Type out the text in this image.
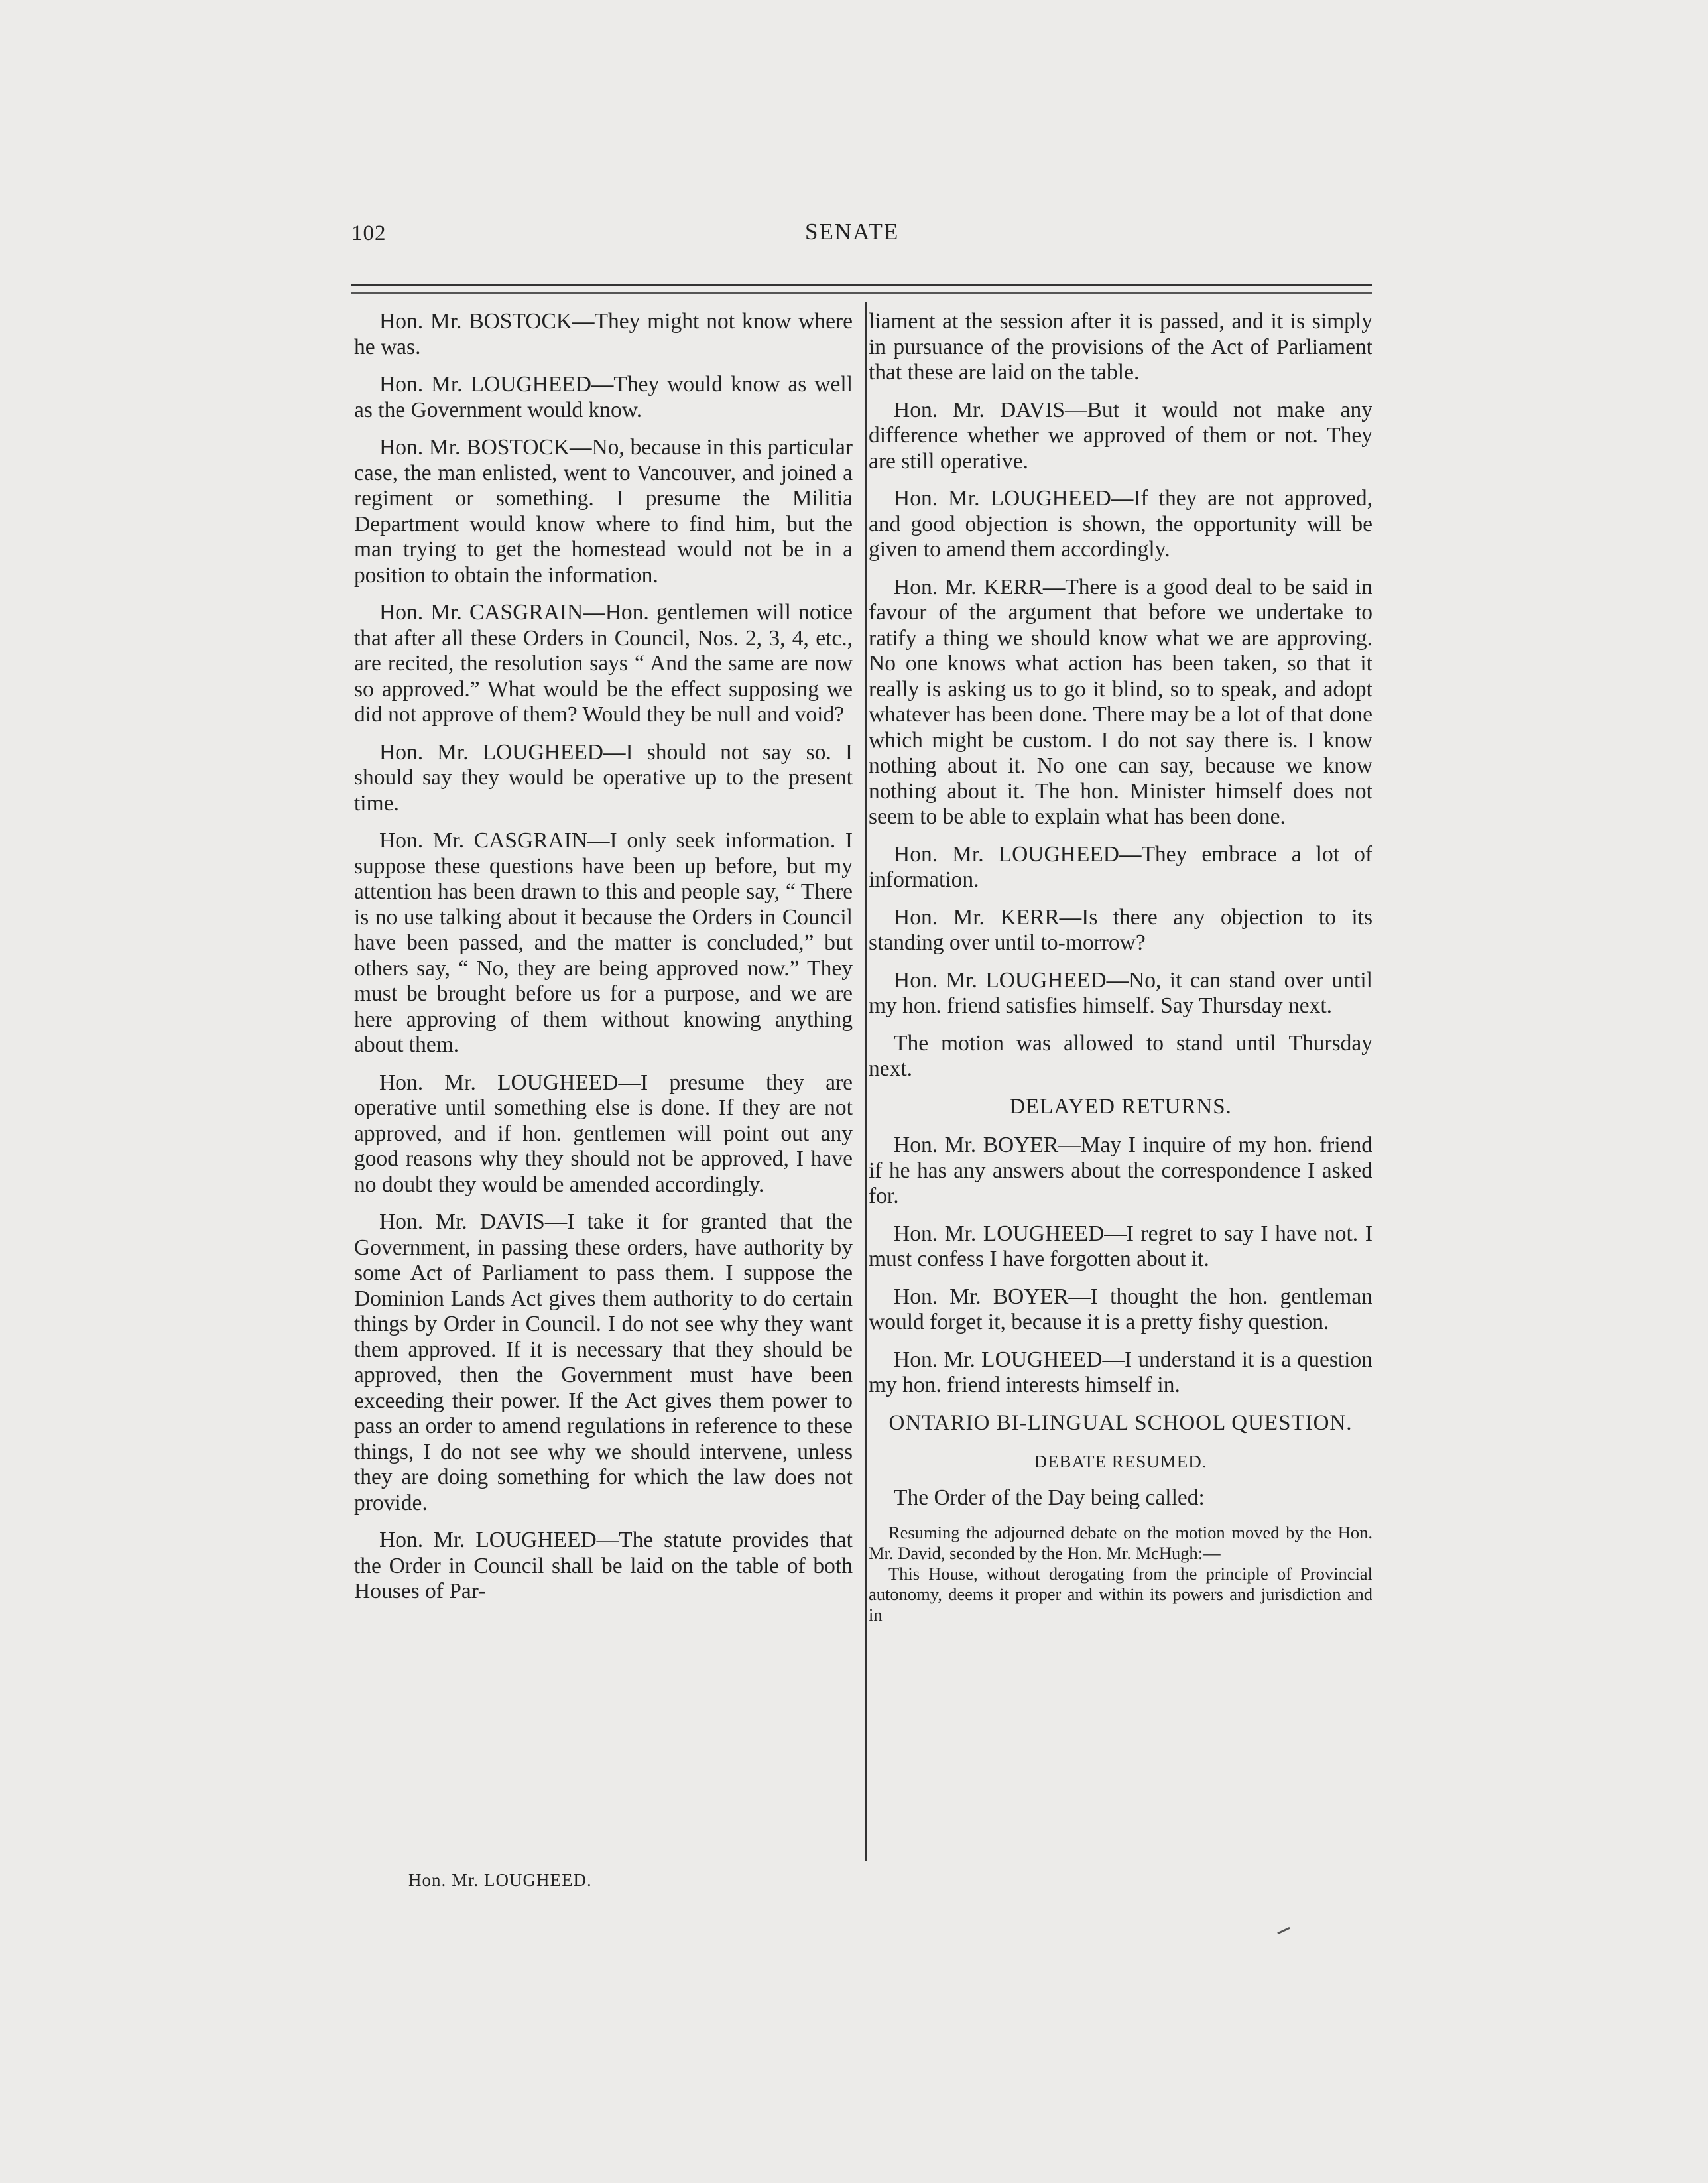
102	SENATE

Hon. Mr. BOSTOCK—They might not know where he was.

Hon. Mr. LOUGHEED—They would know as well as the Government would know.

Hon. Mr. BOSTOCK—No, because in this particular case, the man enlisted, went to Vancouver, and joined a regiment or something. I presume the Militia Department would know where to find him, but the man trying to get the homestead would not be in a position to obtain the information.

Hon. Mr. CASGRAIN—Hon. gentlemen will notice that after all these Orders in Council, Nos. 2, 3, 4, etc., are recited, the resolution says “ And the same are now so approved.” What would be the effect supposing we did not approve of them? Would they be null and void?

Hon. Mr. LOUGHEED—I should not say so. I should say they would be operative up to the present time.

Hon. Mr. CASGRAIN—I only seek information. I suppose these questions have been up before, but my attention has been drawn to this and people say, “ There is no use talking about it because the Orders in Council have been passed, and the matter is concluded,” but others say, “ No, they are being approved now.” They must be brought before us for a purpose, and we are here approving of them without knowing anything about them.

Hon. Mr. LOUGHEED—I presume they are operative until something else is done. If they are not approved, and if hon. gentlemen will point out any good reasons why they should not be approved, I have no doubt they would be amended accordingly.

Hon. Mr. DAVIS—I take it for granted that the Government, in passing these orders, have authority by some Act of Parliament to pass them. I suppose the Dominion Lands Act gives them authority to do certain things by Order in Council. I do not see why they want them approved. If it is necessary that they should be approved, then the Government must have been exceeding their power. If the Act gives them power to pass an order to amend regulations in reference to these things, I do not see why we should intervene, unless they are doing something for which the law does not provide.

Hon. Mr. LOUGHEED—The statute provides that the Order in Council shall be laid on the table of both Houses of Par-

liament at the session after it is passed, and it is simply in pursuance of the provisions of the Act of Parliament that these are laid on the table.

Hon. Mr. DAVIS—But it would not make any difference whether we approved of them or not. They are still operative.

Hon. Mr. LOUGHEED—If they are not approved, and good objection is shown, the opportunity will be given to amend them accordingly.

Hon. Mr. KERR—There is a good deal to be said in favour of the argument that before we undertake to ratify a thing we should know what we are approving. No one knows what action has been taken, so that it really is asking us to go it blind, so to speak, and adopt whatever has been done. There may be a lot of that done which might be custom. I do not say there is. I know nothing about it. No one can say, because we know nothing about it. The hon. Minister himself does not seem to be able to explain what has been done.

Hon. Mr. LOUGHEED—They embrace a lot of information.

Hon. Mr. KERR—Is there any objection to its standing over until to-morrow?

Hon. Mr. LOUGHEED—No, it can stand over until my hon. friend satisfies himself. Say Thursday next.

The motion was allowed to stand until Thursday next.

DELAYED RETURNS.

Hon. Mr. BOYER—May I inquire of my hon. friend if he has any answers about the correspondence I asked for.

Hon. Mr. LOUGHEED—I regret to say I have not. I must confess I have forgotten about it.

Hon. Mr. BOYER—I thought the hon. gentleman would forget it, because it is a pretty fishy question.

Hon. Mr. LOUGHEED—I understand it is a question my hon. friend interests himself in.

ONTARIO BI-LINGUAL SCHOOL QUESTION.
DEBATE RESUMED.

The Order of the Day being called:

Resuming the adjourned debate on the motion moved by the Hon. Mr. David, seconded by the Hon. Mr. McHugh:—

This House, without derogating from the principle of Provincial autonomy, deems it proper and within its powers and jurisdiction and in

Hon. Mr. LOUGHEED.
